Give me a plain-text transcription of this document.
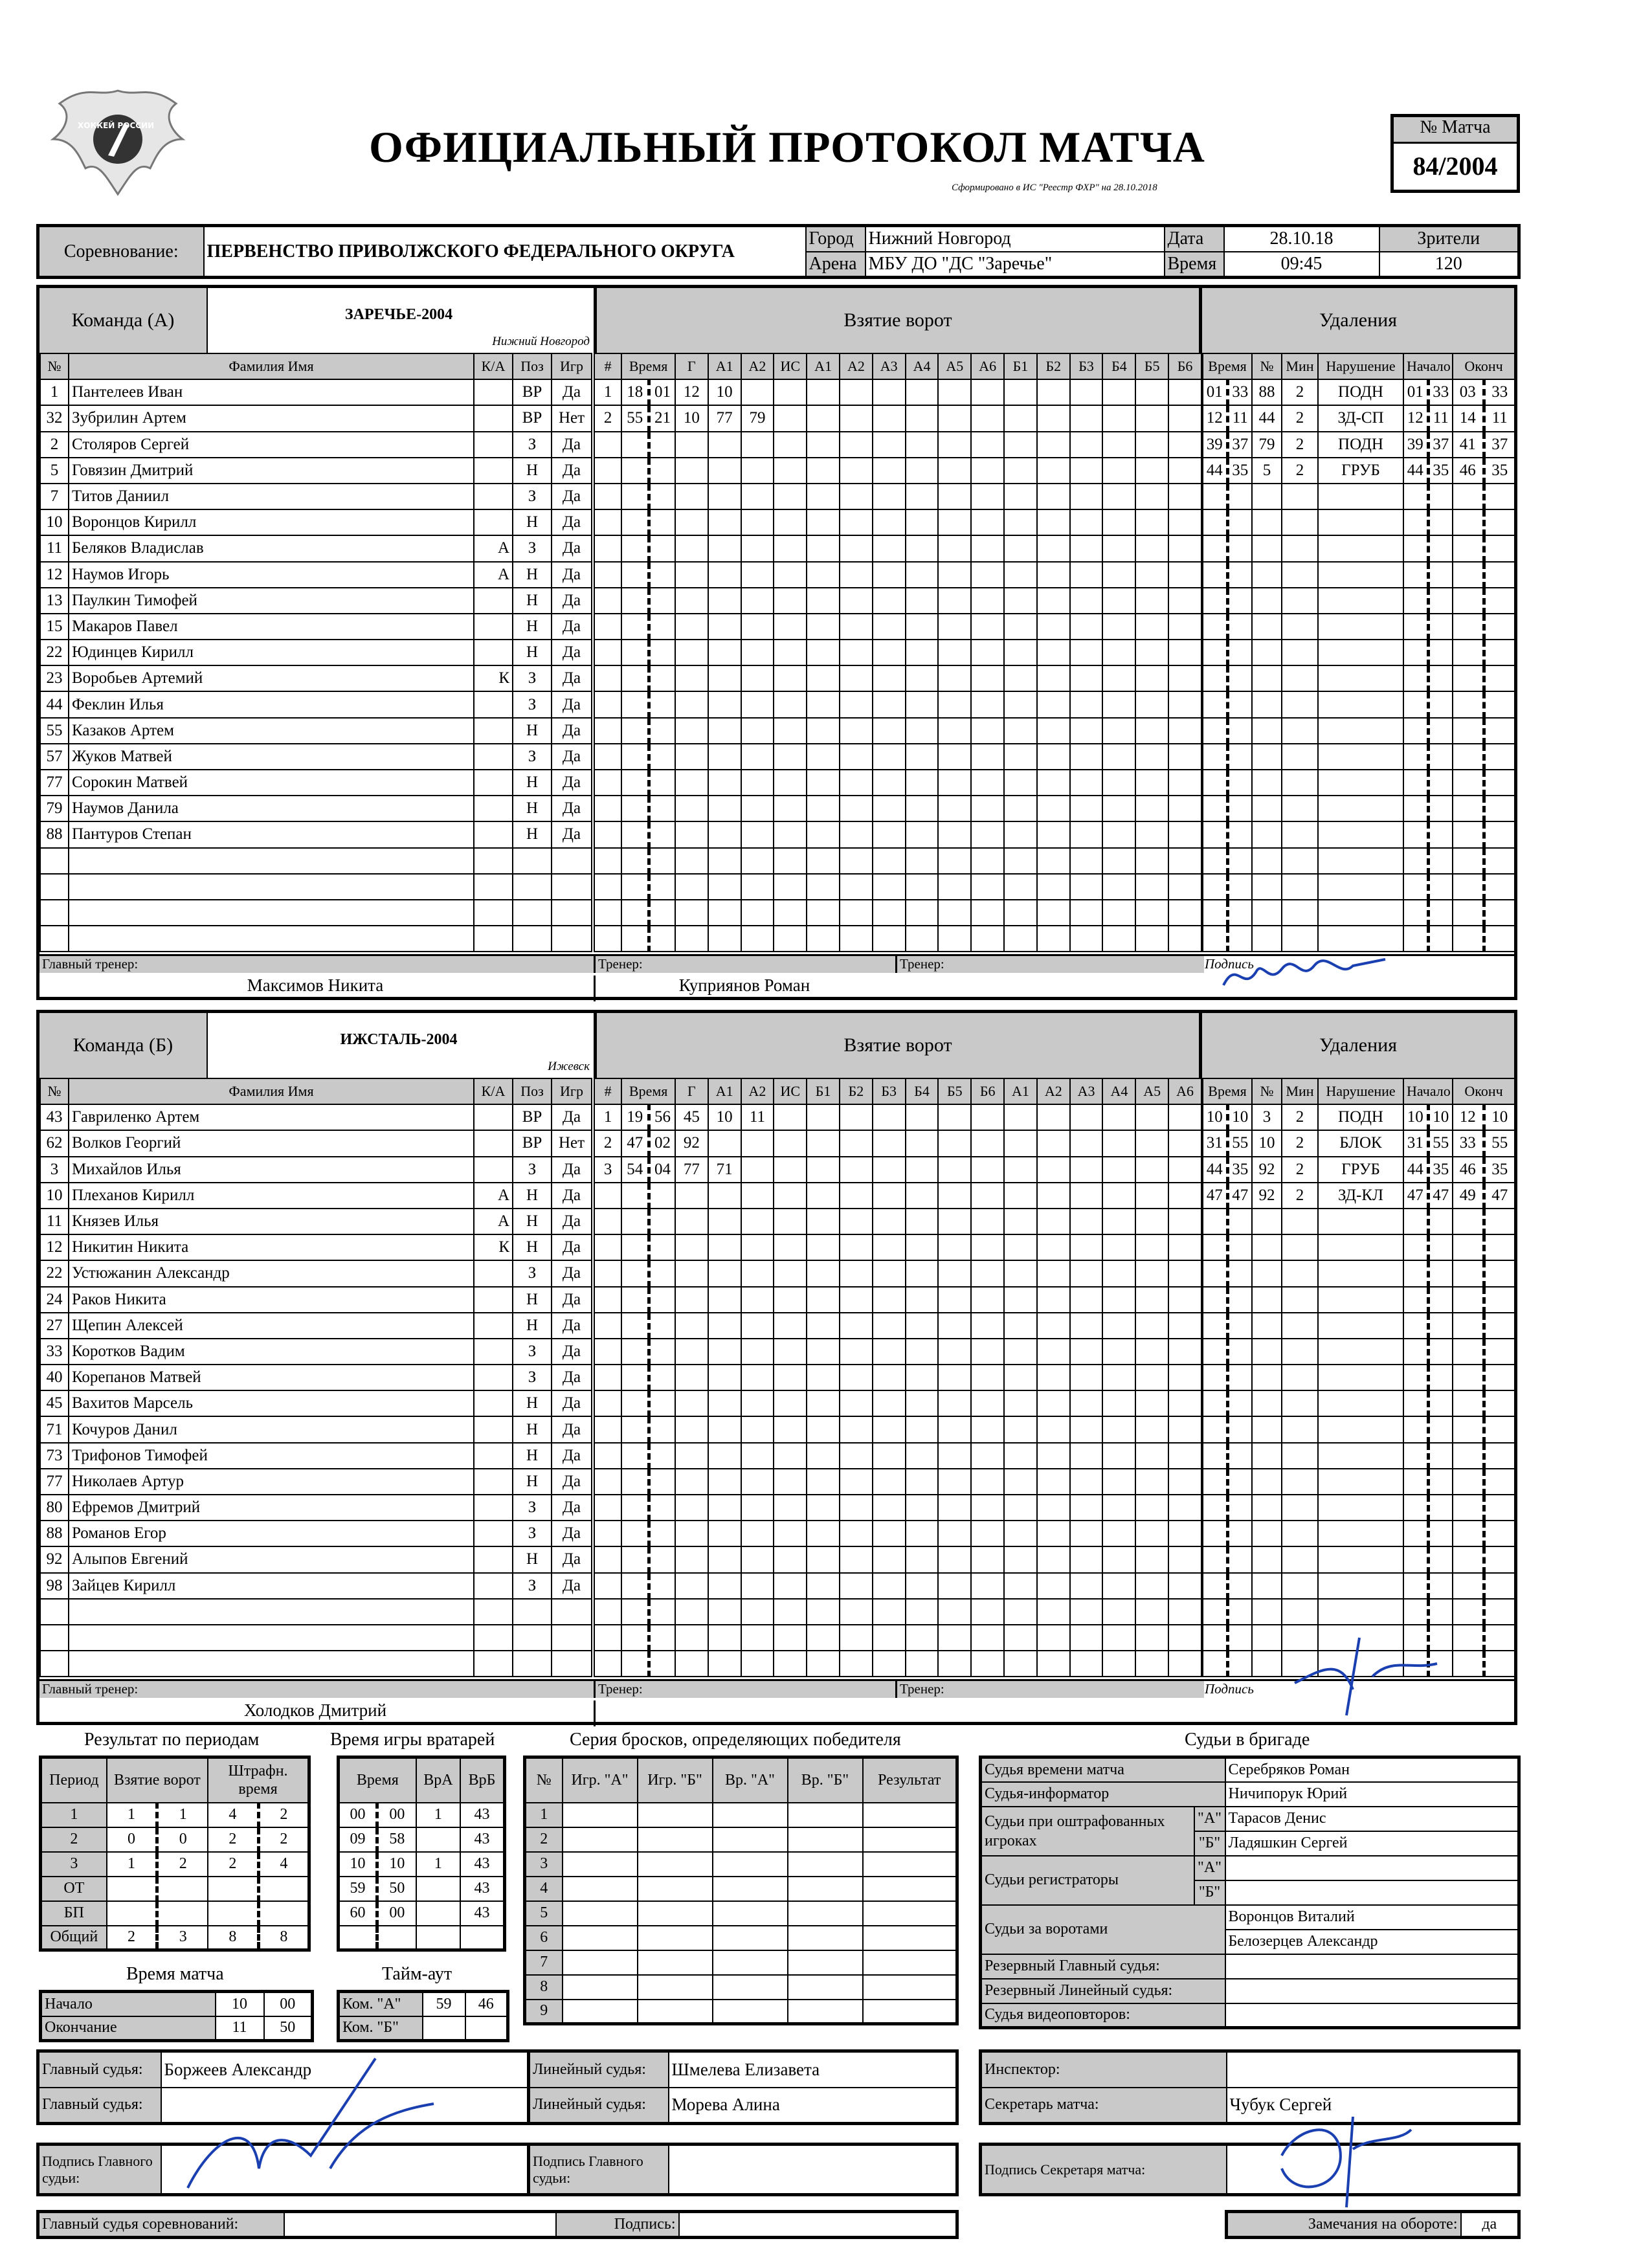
ХОККЕЙ РОССИИ	ОФИЦИАЛЬНЫЙ ПРОТОКОЛ МАТЧА
Сформировано в ИС "Реестр ФХР" на 28.10.2018
№ Матча
84/2004
Соревнование:	ПЕРВЕНСТВО ПРИВОЛЖСКОГО ФЕДЕРАЛЬНОГО ОКРУГА	Город	Нижний Новгород	Дата	28.10.18	Зрители
		Арена	МБУ ДО "ДС "Заречье"	Время	09:45	120
Команда (А)	ЗАРЕЧЬЕ-2004
Нижний Новгород
Взятие ворот	Удаления
№	Фамилия Имя	К/А	Поз	Игр
1	Пантелеев Иван		ВР	Да
32	Зубрилин Артем		ВР	Нет
2	Столяров Сергей		З	Да
5	Говязин Дмитрий		Н	Да
7	Титов Даниил		З	Да
10	Воронцов Кирилл		Н	Да
11	Беляков Владислав	А	З	Да
12	Наумов Игорь	А	Н	Да
13	Паулкин Тимофей		Н	Да
15	Макаров Павел		Н	Да
22	Юдинцев Кирилл		Н	Да
23	Воробьев Артемий	К	З	Да
44	Феклин Илья		З	Да
55	Казаков Артем		Н	Да
57	Жуков Матвей		З	Да
77	Сорокин Матвей		Н	Да
79	Наумов Данила		Н	Да
88	Пантуров Степан		Н	Да

#	Время		Г	А1	А2	ИС	А1	А2	А3	А4	А5	А6	Б1	Б2	Б3	Б4	Б5	Б6
1	18	01	12	10														
2	55	21	10	77	79													

Время		№	Мин	Нарушение	Начало		Оконч	
01	33	88	2	ПОДН	01	33	03	33
12	11	44	2	ЗД-СП	12	11	14	11
39	37	79	2	ПОДН	39	37	41	37
44	35	5	2	ГРУБ	44	35	46	35

Главный тренер:
Максимов Никита
Тренер:
Куприянов Роман
Тренер:	Подпись
Команда (Б)	ИЖСТАЛЬ-2004
Ижевск
Взятие ворот	Удаления
№	Фамилия Имя	К/А	Поз	Игр
43	Гавриленко Артем		ВР	Да
62	Волков Георгий		ВР	Нет
3	Михайлов Илья		З	Да
10	Плеханов Кирилл	А	Н	Да
11	Князев Илья	А	Н	Да
12	Никитин Никита	К	Н	Да
22	Устюжанин Александр		З	Да
24	Раков Никита		Н	Да
27	Щепин Алексей		Н	Да
33	Коротков Вадим		З	Да
40	Корепанов Матвей		З	Да
45	Вахитов Марсель		Н	Да
71	Кочуров Данил		Н	Да
73	Трифонов Тимофей		Н	Да
77	Николаев Артур		Н	Да
80	Ефремов Дмитрий		З	Да
88	Романов Егор		З	Да
92	Алыпов Евгений		Н	Да
98	Зайцев Кирилл		З	Да

#	Время		Г	А1	А2	ИС	Б1	Б2	Б3	Б4	Б5	Б6	А1	А2	А3	А4	А5	А6
1	19	56	45	10	11													
2	47	02	92															
3	54	04	77	71														

Время		№	Мин	Нарушение	Начало		Оконч	
10	10	3	2	ПОДН	10	10	12	10
31	55	10	2	БЛОК	31	55	33	55
44	35	92	2	ГРУБ	44	35	46	35
47	47	92	2	ЗД-КЛ	47	47	49	47

Главный тренер:
Холодков Дмитрий
Тренер:	Тренер:	Подпись
Результат по периодам
Период	Взятие ворот		Штрафн. время	
1	1	1	4	2
2	0	0	2	2
3	1	2	2	4
ОТ				
БП				
Общий	2	3	8	8
Время игры вратарей
Время		ВрА	ВрБ
00	00	1	43
09	58		43
10	10	1	43
59	50		43
60	00		43

Время матча
Начало	10	00
Окончание	11	50
Тайм-аут
Ком. "А"	59	46
Ком. "Б"		
Серия бросков, определяющих победителя
№	Игр. "А"	Игр. "Б"	Вр. "А"	Вр. "Б"	Результат
1					
2					
3					
4					
5					
6					
7					
8					
9					
Судьи в бригаде
Судья времени матча		Серебряков Роман
Судья-информатор		Ничипорук Юрий
Судьи при оштрафованных игроках	"А"	Тарасов Денис
	"Б"	Ладяшкин Сергей
Судьи регистраторы	"А"	
	"Б"	
Судьи за воротами		Воронцов Виталий
		Белозерцев Александр
Резервный Главный судья:		
Резервный Линейный судья:		
Судья видеоповторов:		
Главный судья:	Боржеев Александр
Главный судья:	
Линейный судья:	Шмелева Елизавета
Линейный судья:	Морева Алина
Инспектор:	
Секретарь матча:	Чубук Сергей
Подпись Главного судьи:	
Подпись Главного судьи:	
Подпись Секретаря матча:	
Главный судья соревнований:		Подпись:		Замечания на обороте:	да
